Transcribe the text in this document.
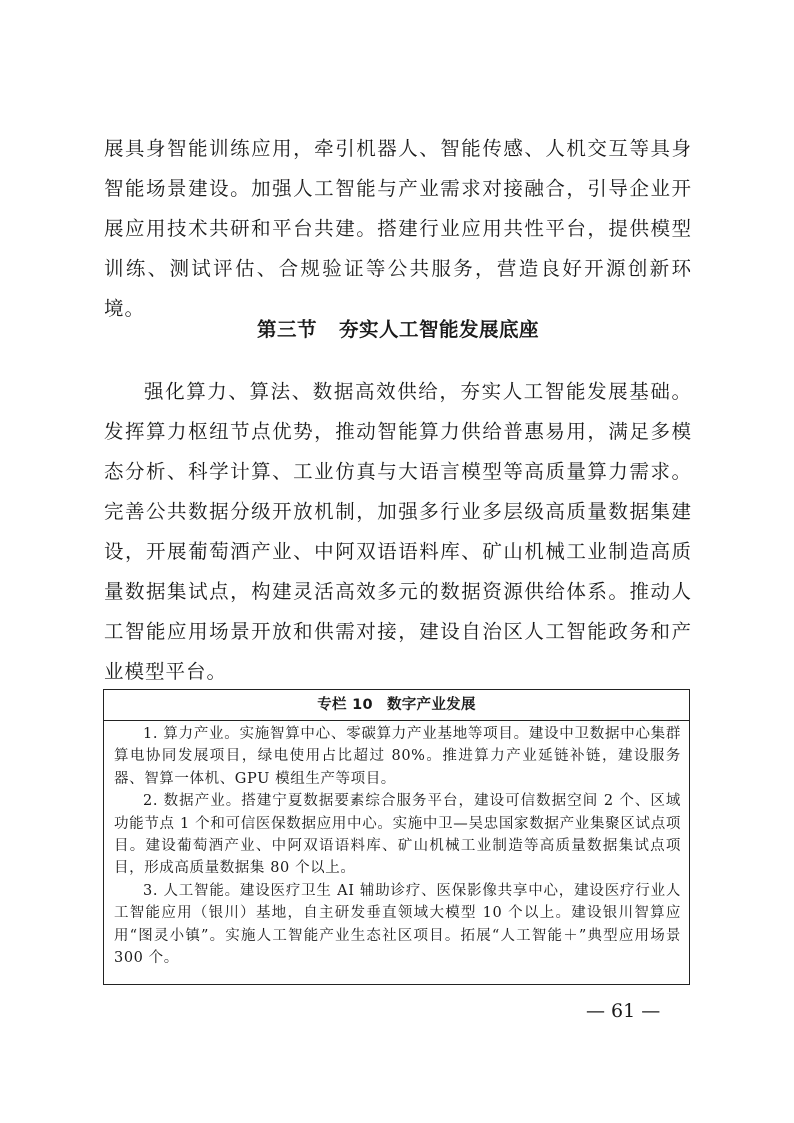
展具身智能训练应用，牵引机器人、智能传感、人机交互等具身智能场景建设。加强人工智能与产业需求对接融合，引导企业开展应用技术共研和平台共建。搭建行业应用共性平台，提供模型训练、测试评估、合规验证等公共服务，营造良好开源创新环境。

第三节 夯实人工智能发展底座

强化算力、算法、数据高效供给，夯实人工智能发展基础。发挥算力枢纽节点优势，推动智能算力供给普惠易用，满足多模态分析、科学计算、工业仿真与大语言模型等高质量算力需求。完善公共数据分级开放机制，加强多行业多层级高质量数据集建设，开展葡萄酒产业、中阿双语语料库、矿山机械工业制造高质量数据集试点，构建灵活高效多元的数据资源供给体系。推动人工智能应用场景开放和供需对接，建设自治区人工智能政务和产业模型平台。

专栏 10 数字产业发展

1. 算力产业。实施智算中心、零碳算力产业基地等项目。建设中卫数据中心集群算电协同发展项目，绿电使用占比超过 80%。推进算力产业延链补链，建设服务器、智算一体机、GPU 模组生产等项目。

2. 数据产业。搭建宁夏数据要素综合服务平台，建设可信数据空间 2 个、区域功能节点 1 个和可信医保数据应用中心。实施中卫—吴忠国家数据产业集聚区试点项目。建设葡萄酒产业、中阿双语语料库、矿山机械工业制造等高质量数据集试点项目，形成高质量数据集 80 个以上。

3. 人工智能。建设医疗卫生 AI 辅助诊疗、医保影像共享中心，建设医疗行业人工智能应用（银川）基地，自主研发垂直领域大模型 10 个以上。建设银川智算应用“图灵小镇”。实施人工智能产业生态社区项目。拓展“人工智能＋”典型应用场景 300 个。

— 61 —
